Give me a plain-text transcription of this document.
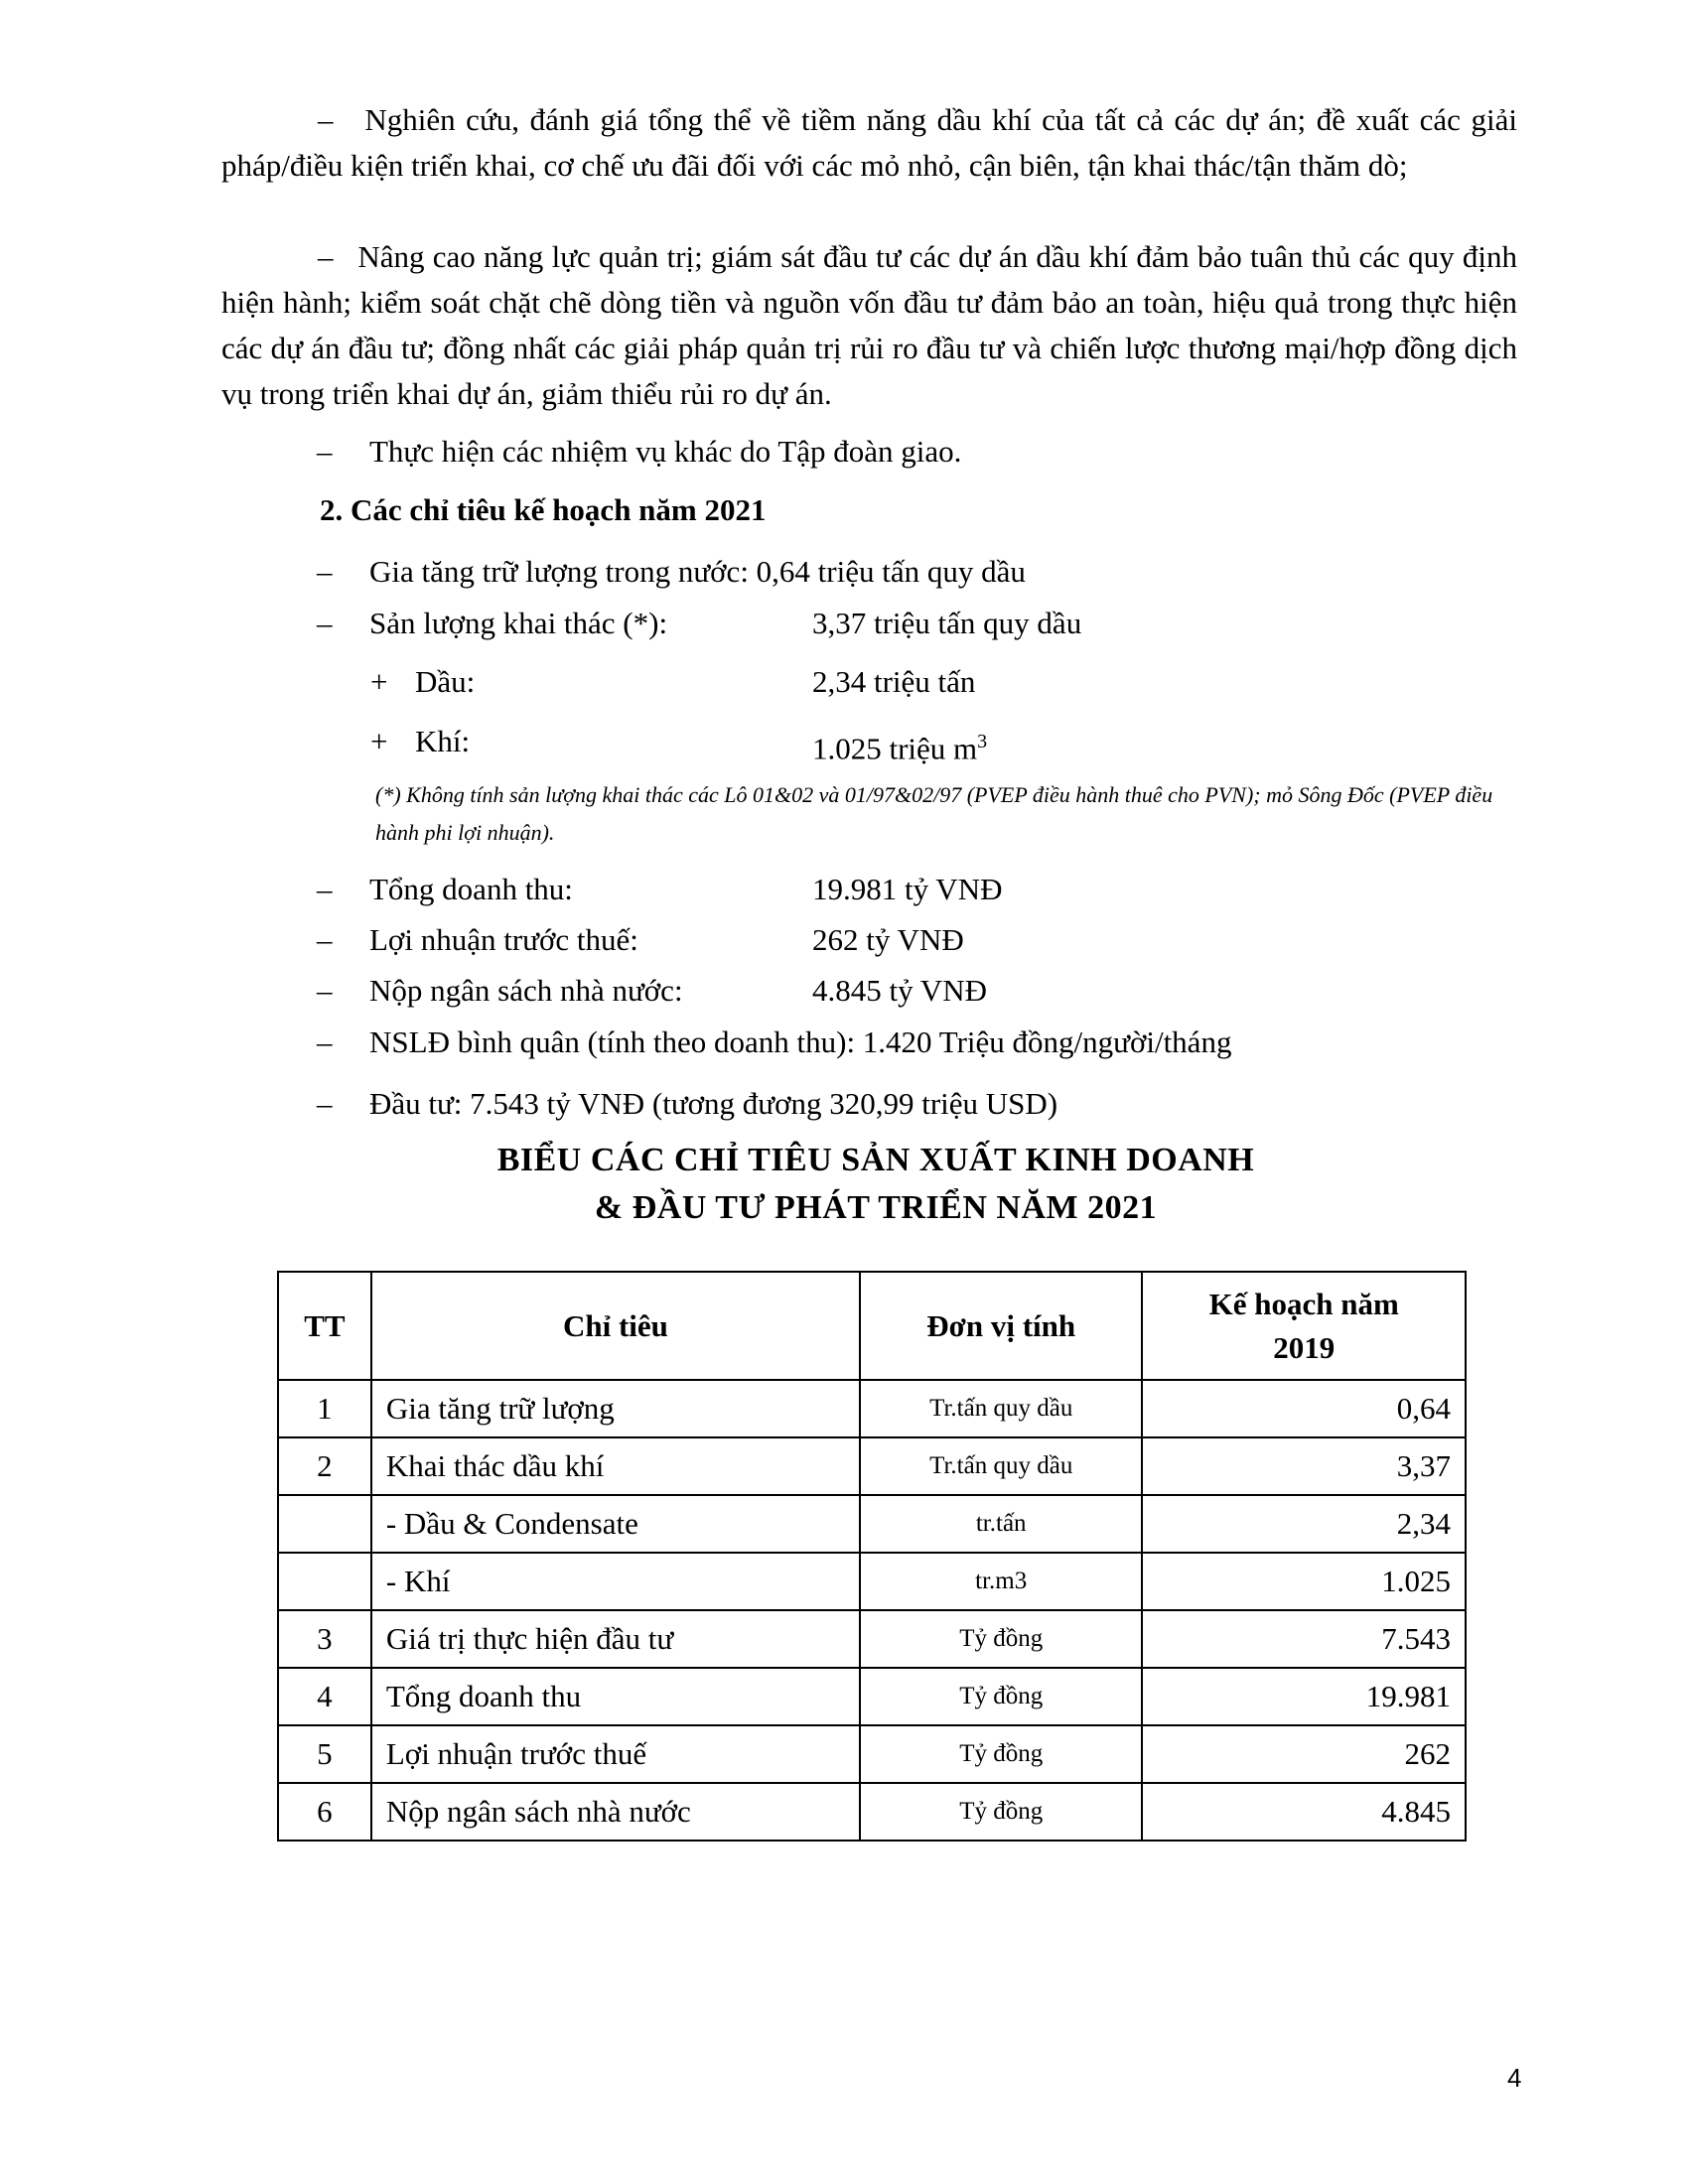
–   Nghiên cứu, đánh giá tổng thể về tiềm năng dầu khí của tất cả các dự án; đề xuất các giải pháp/điều kiện triển khai, cơ chế ưu đãi đối với các mỏ nhỏ, cận biên, tận khai thác/tận thăm dò;
–   Nâng cao năng lực quản trị; giám sát đầu tư các dự án dầu khí đảm bảo tuân thủ các quy định hiện hành; kiểm soát chặt chẽ dòng tiền và nguồn vốn đầu tư đảm bảo an toàn, hiệu quả trong thực hiện các dự án đầu tư; đồng nhất các giải pháp quản trị rủi ro đầu tư và chiến lược thương mại/hợp đồng dịch vụ trong triển khai dự án, giảm thiểu rủi ro dự án.
–	Thực hiện các nhiệm vụ khác do Tập đoàn giao.
2. Các chỉ tiêu kế hoạch năm 2021
–	Gia tăng trữ lượng trong nước: 0,64 triệu tấn quy dầu
–	Sản lượng khai thác (*):	3,37 triệu tấn quy dầu
+ Dầu:	2,34 triệu tấn
+ Khí:	1.025 triệu $m^3$
(*) Không tính sản lượng khai thác các Lô 01&02 và 01/97&02/97 (PVEP điều hành thuê cho PVN); mỏ Sông Đốc (PVEP điều hành phi lợi nhuận).
–	Tổng doanh thu:	19.981 tỷ VNĐ
–	Lợi nhuận trước thuế:	262 tỷ VNĐ
–	Nộp ngân sách nhà nước:	4.845 tỷ VNĐ
–	NSLĐ bình quân (tính theo doanh thu): 1.420 Triệu đồng/người/tháng
–	Đầu tư: 7.543 tỷ VNĐ (tương đương 320,99 triệu USD)
BIỂU CÁC CHỈ TIÊU SẢN XUẤT KINH DOANH
& ĐẦU TƯ PHÁT TRIỂN NĂM 2021
TT	Chỉ tiêu	Đơn vị tính	Kế hoạch năm 2019
1	Gia tăng trữ lượng	Tr.tấn quy dầu	0,64
2	Khai thác dầu khí	Tr.tấn quy dầu	3,37
	- Dầu & Condensate	tr.tấn	2,34
	- Khí	tr.m3	1.025
3	Giá trị thực hiện đầu tư	Tỷ đồng	7.543
4	Tổng doanh thu	Tỷ đồng	19.981
5	Lợi nhuận trước thuế	Tỷ đồng	262
6	Nộp ngân sách nhà nước	Tỷ đồng	4.845
4
